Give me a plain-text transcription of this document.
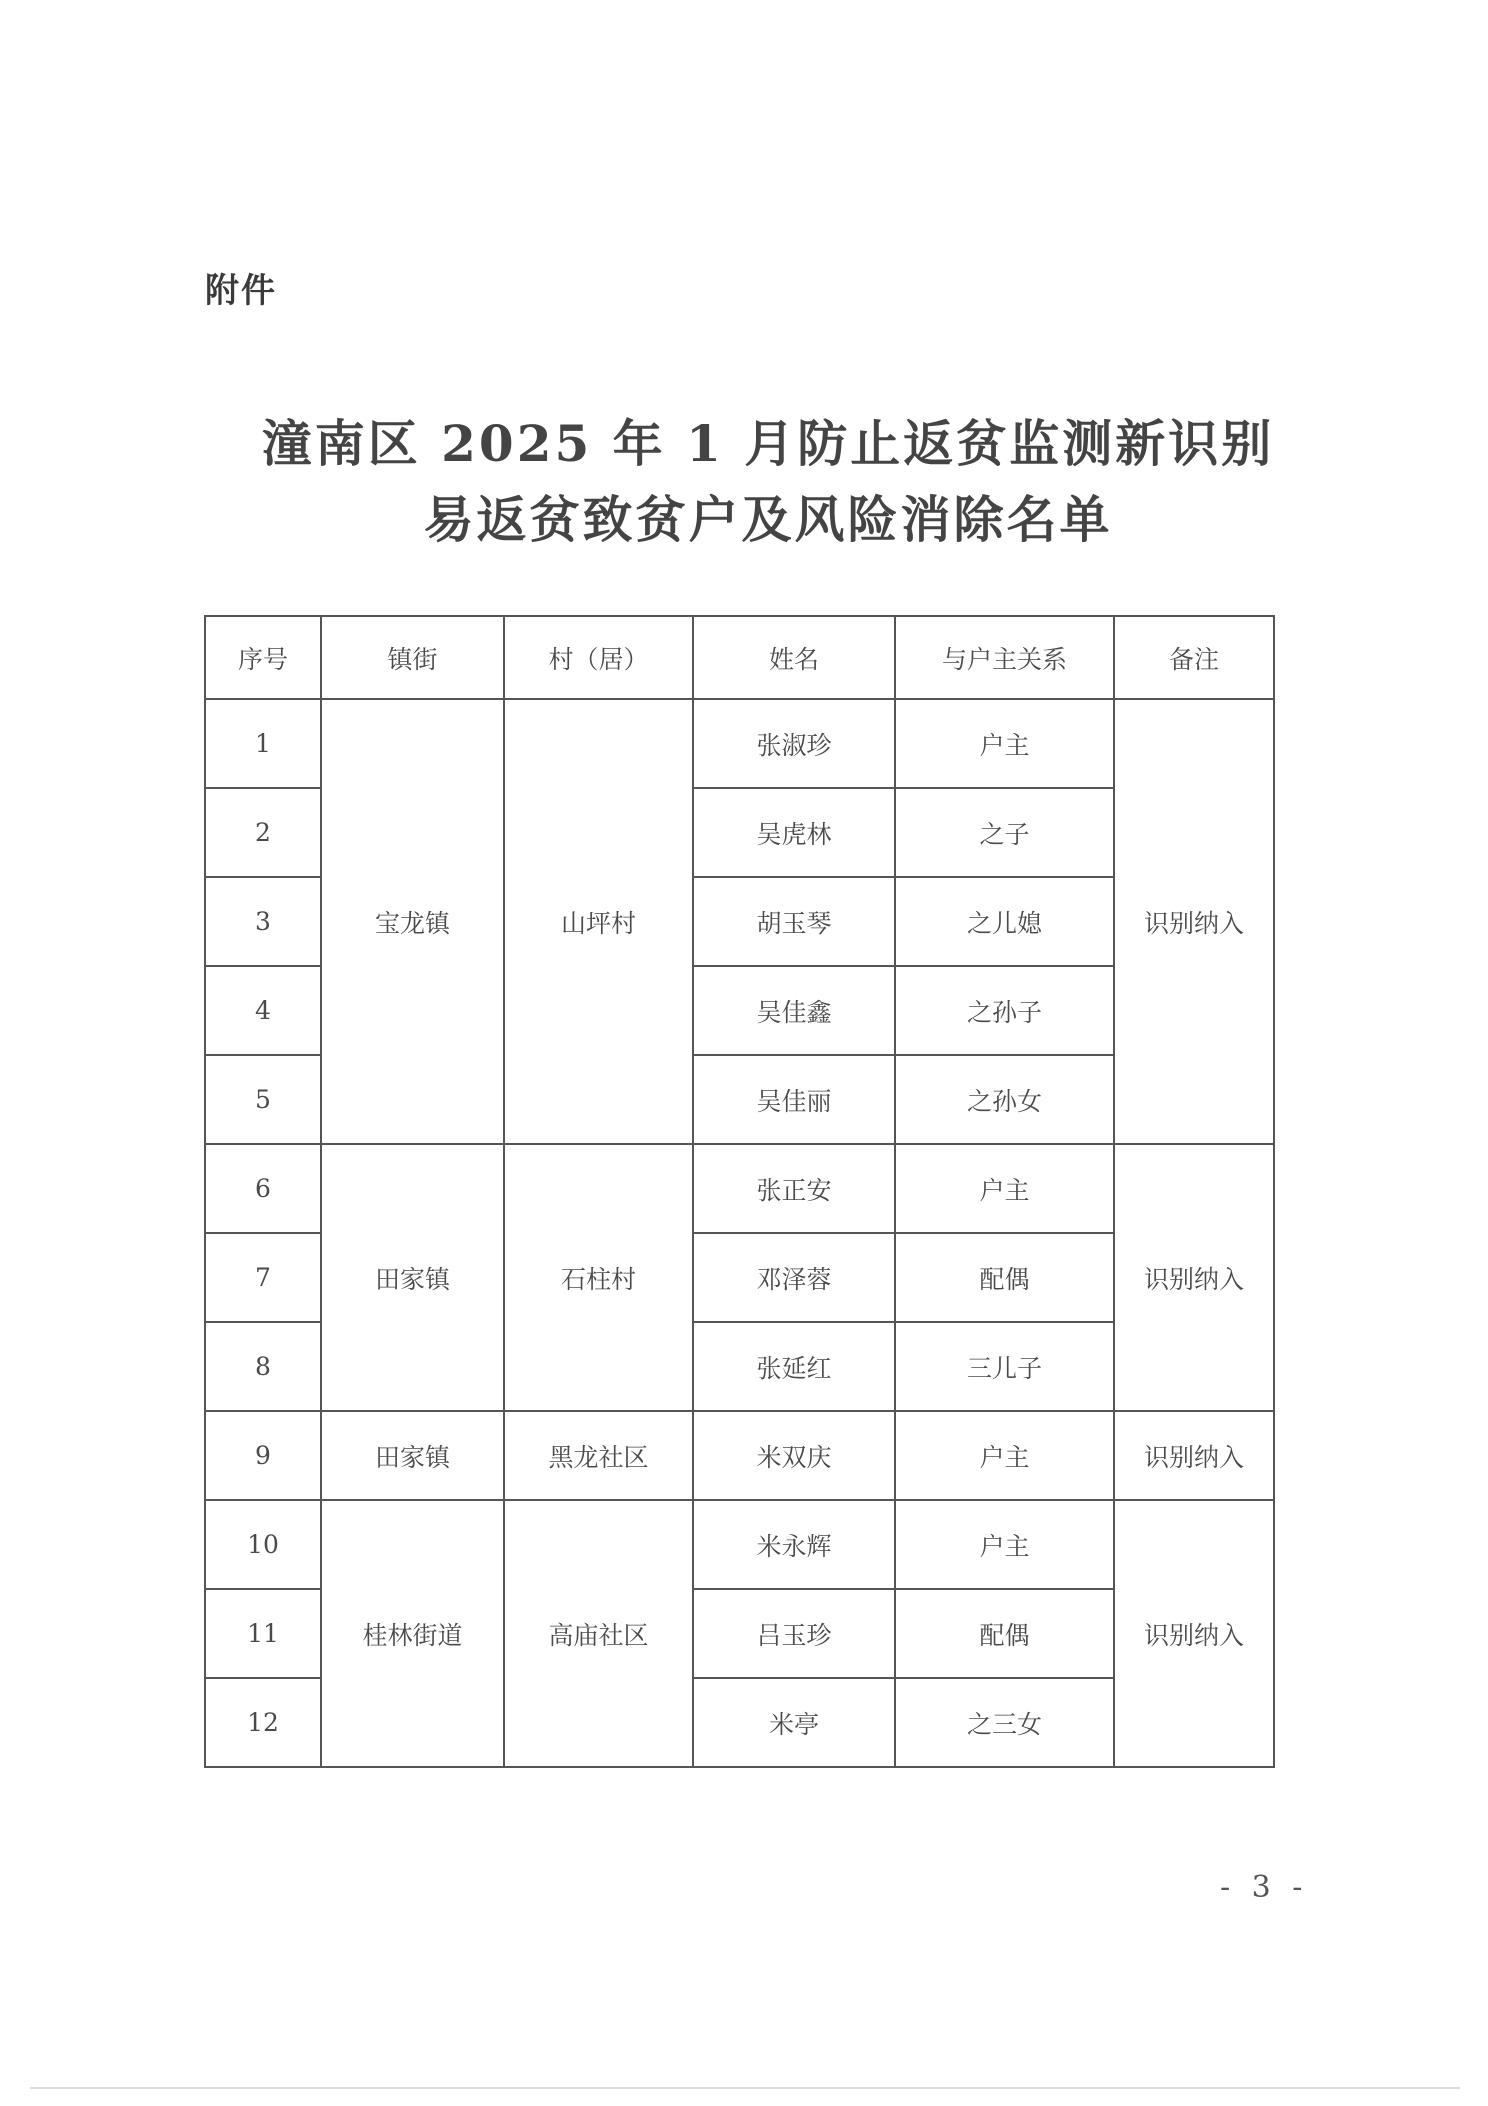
附件
潼南区 2025 年 1 月防止返贫监测新识别
易返贫致贫户及风险消除名单
序号	镇街	村（居）	姓名	与户主关系	备注
1	宝龙镇	山坪村	张淑珍	户主	识别纳入
2			吴虎林	之子	
3			胡玉琴	之儿媳	
4			吴佳鑫	之孙子	
5			吴佳丽	之孙女	
6	田家镇	石柱村	张正安	户主	识别纳入
7			邓泽蓉	配偶	
8			张延红	三儿子	
9	田家镇	黑龙社区	米双庆	户主	识别纳入
10	桂林街道	高庙社区	米永辉	户主	识别纳入
11			吕玉珍	配偶	
12			米亭	之三女	
- 3 -
